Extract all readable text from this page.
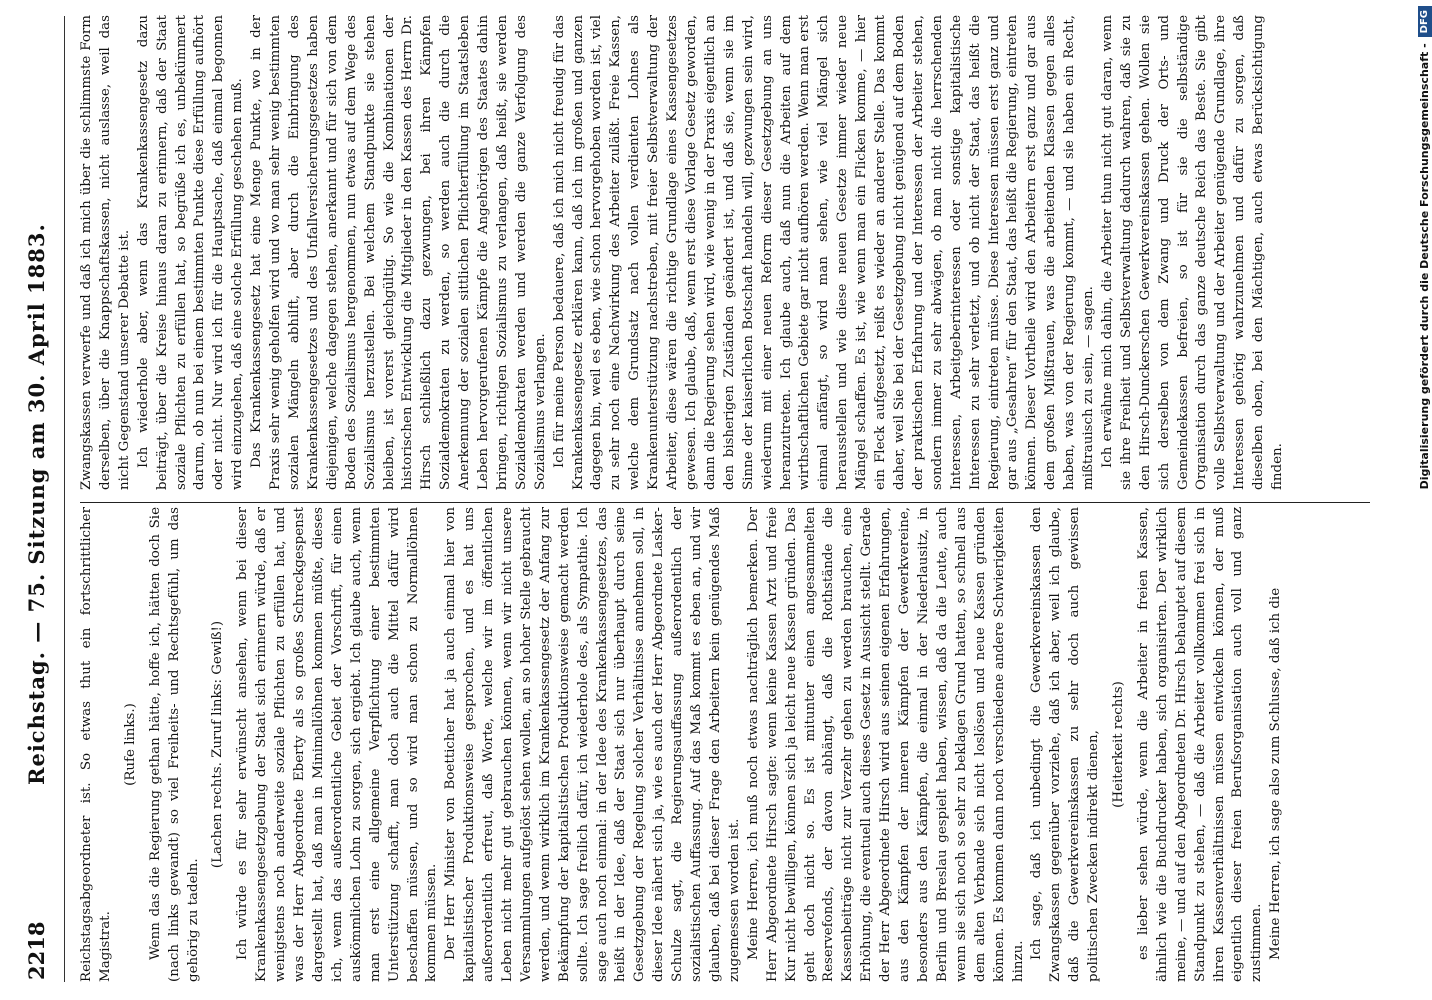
2218
Reichstag. — 75. Sitzung am 30. April 1883. Reichstagsabgeordneter ist. So etwas thut ein fortschrittlicher Magistrat.

(Rufe links.) Wenn das die Regierung gethan hätte, hoffe ich, hätten doch Sie (nach links gewandt) so viel Freiheits- und Rechtsgefühl, um das gehörig zu tadeln.

(Lachen rechts. Zuruf links: Gewiß!) Ich würde es für sehr erwünscht ansehen, wenn bei dieser Krankenkassengesetzgebung der Staat sich erinnern würde, daß er wenigstens noch anderweite soziale Pflichten zu erfüllen hat, und was der Herr Abgeordnete Eberty als so großes Schreckgespenst dargestellt hat, daß man in Minimallöhnen kommen müßte, dieses ich, wenn das außerordentliche Gebiet der Vorschrift, für einen auskömmlichen Lohn zu sorgen, sich ergiebt. Ich glaube auch, wenn man erst eine allgemeine Verpflichtung einer bestimmten Unterstützung schafft, man doch auch die Mittel dafür wird beschaffen müssen, und so wird man schon zu Normallöhnen kommen müssen. Der Herr Minister von Boetticher hat ja auch einmal hier von kapitalistischer Produktionsweise gesprochen, und es hat uns außerordentlich erfreut, daß Worte, welche wir im öffentlichen Leben nicht mehr gut gebrauchen können, wenn wir nicht unsere Versammlungen aufgelöst sehen wollen, an so hoher Stelle gebraucht werden, und wenn wirklich im Krankenkassengesetz der Anfang zur Bekämpfung der kapitalistischen Produktionsweise gemacht werden sollte. Ich sage freilich dafür, ich wiederhole des, als Sympathie. Ich sage auch noch einmal: in der Idee des Krankenkassengesetzes, das heißt in der Idee, daß der Staat sich nur überhaupt durch seine Gesetzgebung der Regelung solcher Verhältnisse annehmen soll, in dieser Idee nähert sich ja, wie es auch der Herr Abgeordnete Lasker-Schulze sagt, die Regierungsauffassung außerordentlich der sozialistischen Auffassung. Auf das Maß kommt es eben an, und wir glauben, daß bei dieser Frage den Arbeitern kein genügendes Maß zugemessen worden ist. Meine Herren, ich muß noch etwas nachträglich bemerken. Der Herr Abgeordnete Hirsch sagte: wenn keine Kassen Arzt und freie Kur nicht bewilligen, können sich ja leicht neue Kassen gründen. Das geht doch nicht so. Es ist mitunter einen angesammelten Reservefonds, der davon abhängt, daß die Rothstände die Kassenbeiträge nicht zur Verzehr gehen zu werden brauchen, eine Erhöhung, die eventuell auch dieses Gesetz in Aussicht stellt. Gerade der Herr Abgeordnete Hirsch wird aus seinen eigenen Erfahrungen, aus den Kämpfen der inneren Kämpfen der Gewerkvereine, besonders aus den Kämpfen, die einmal in der Niederlausitz, in Berlin und Breslau gespielt haben, wissen, daß da die Leute, auch wenn sie sich noch so sehr zu beklagen Grund hatten, so schnell aus dem alten Verbande sich nicht loslösen und neue Kassen gründen können. Es kommen dann noch verschiedene andere Schwierigkeiten hinzu.

Ich sage, daß ich unbedingt die Gewerkvereinskassen den Zwangskassen gegenüber vorziehe, daß ich aber, weil ich glaube, daß die Gewerkvereinskassen zu sehr doch auch gewissen politischen Zwecken indirekt dienen, (Heiterkeit rechts) es lieber sehen würde, wenn die Arbeiter in freien Kassen, ähnlich wie die Buchdrucker haben, sich organisirten. Der wirklich meine, — und auf den Abgeordneten Dr. Hirsch behauptet auf diesem Standpunkt zu stehen, — daß die Arbeiter vollkommen frei sich in ihren Kassenverhältnissen müssen entwickeln können, der muß eigentlich dieser freien Berufsorganisation auch voll und ganz zustimmen. Meine Herren, ich sage also zum Schlusse, daß ich die

Zwangskassen verwerfe und daß ich mich über die schlimmste Form derselben, über die Knappschaftskassen, nicht auslasse, weil das nicht Gegenstand unserer Debatte ist. Ich wiederhole aber, wenn das Krankenkassengesetz dazu beiträgt, über die Kreise hinaus daran zu erinnern, daß der Staat soziale Pflichten zu erfüllen hat, so begrüße ich es, unbekümmert darum, ob nun bei einem bestimmten Punkte diese Erfüllung aufhört oder nicht. Nur wird ich für die Hauptsache, daß einmal begonnen wird einzugehen, daß eine solche Erfüllung geschehen muß. Das Krankenkassengesetz hat eine Menge Punkte, wo in der Praxis sehr wenig geholfen wird und wo man sehr wenig bestimmten sozialen Mängeln abhilft, aber durch die Einbringung des Krankenkassengesetzes und des Unfallversicherungsgesetzes haben diejenigen, welche dagegen stehen, anerkannt und für sich von dem Boden des Sozialismus hergenommen, nun etwas auf dem Wege des Sozialismus herzustellen. Bei welchem Standpunkte sie stehen bleiben, ist vorerst gleichgültig. So wie die Kombinationen der historischen Entwicklung die Mitglieder in den Kassen des Herrn Dr. Hirsch schließlich dazu gezwungen, bei ihren Kämpfen Sozialdemokraten zu werden, so werden auch die durch die Anerkennung der sozialen sittlichen Pflichterfüllung im Staatsleben Leben hervorgerufenen Kämpfe die Angehörigen des Staates dahin bringen, richtigen Sozialismus zu verlangen, daß heißt, sie werden Sozialdemokraten werden und werden die ganze Verfolgung des Sozialismus verlangen. Ich für meine Person bedauere, daß ich mich nicht freudig für das Krankenkassengesetz erklären kann, daß ich im großen und ganzen dagegen bin, weil es eben, wie schon hervorgehoben worden ist, viel zu sehr noch eine Nachwirkung des Arbeiter zuläßt. Freie Kassen, welche dem Grundsatz nach vollen verdienten Lohnes als Krankenunterstützung nachstreben, mit freier Selbstverwaltung der Arbeiter, diese wären die richtige Grundlage eines Kassengesetzes gewesen. Ich glaube, daß, wenn erst diese Vorlage Gesetz geworden, dann die Regierung sehen wird, wie wenig in der Praxis eigentlich an den bisherigen Zuständen geändert ist, und daß sie, wenn sie im Sinne der kaiserlichen Botschaft handeln will, gezwungen sein wird, wiederum mit einer neuen Reform dieser Gesetzgebung an uns heranzutreten. Ich glaube auch, daß nun die Arbeiten auf dem wirthschaftlichen Gebiete gar nicht aufhören werden. Wenn man erst einmal anfängt, so wird man sehen, wie viel Mängel sich herausstellen und wie diese neuen Gesetze immer wieder neue Mängel schaffen. Es ist, wie wenn man ein Flicken komme, — hier ein Fleck aufgesetzt, reißt es wieder an anderer Stelle. Das kommt daher, weil Sie bei der Gesetzgebung nicht genügend auf dem Boden der praktischen Erfahrung und der Interessen der Arbeiter stehen, sondern immer zu sehr abwägen, ob man nicht die herrschenden Interessen, Arbeitgeberinteressen oder sonstige kapitalistische Interessen zu sehr verletzt, und ob nicht der Staat, das heißt die Regierung, eintreten müsse. Diese Interessen müssen erst ganz und gar aus „Gesahren“ für den Staat, das heißt die Regierung, eintreten können. Dieser Vortheile wird den Arbeitern erst ganz und gar aus dem großen Mißtrauen, was die arbeitenden Klassen gegen alles haben, was von der Regierung kommt, — und sie haben ein Recht, mißtrauisch zu sein, — sagen. Ich erwähne mich dahin, die Arbeiter thun nicht gut daran, wenn sie ihre Freiheit und Selbstverwaltung dadurch wahren, daß sie zu den Hirsch-Dunckerschen Gewerkvereinskassen gehen. Wollen sie sich derselben von dem Zwang und Druck der Orts- und Gemeindekassen befreien, so ist für sie die selbständige Organisation durch das ganze deutsche Reich das Beste. Sie gibt volle Selbstverwaltung und der Arbeiter genügende Grundlage, ihre Interessen gehörig wahrzunehmen und dafür zu sorgen, daß dieselben oben, bei den Mächtigen, auch etwas Berücksichtigung finden.	Digitalisierung gefördert durch die Deutsche Forschungsgemeinschaft -DFG
